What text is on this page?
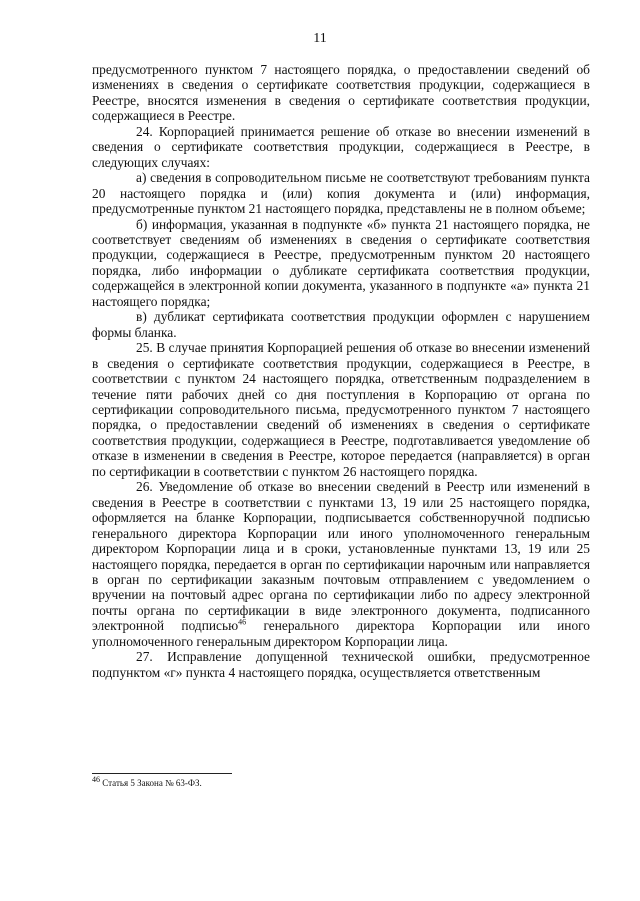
11

предусмотренного пунктом 7 настоящего порядка, о предоставлении сведений об изменениях в сведения о сертификате соответствия продукции, содержащиеся в Реестре, вносятся изменения в сведения о сертификате соответствия продукции, содержащиеся в Реестре.

24. Корпорацией принимается решение об отказе во внесении изменений в сведения о сертификате соответствия продукции, содержащиеся в Реестре, в следующих случаях:

а) сведения в сопроводительном письме не соответствуют требованиям пункта 20 настоящего порядка и (или) копия документа и (или) информация, предусмотренные пунктом 21 настоящего порядка, представлены не в полном объеме;

б) информация, указанная в подпункте «б» пункта 21 настоящего порядка, не соответствует сведениям об изменениях в сведения о сертификате соответствия продукции, содержащиеся в Реестре, предусмотренным пунктом 20 настоящего порядка, либо информации о дубликате сертификата соответствия продукции, содержащейся в электронной копии документа, указанного в подпункте «а» пункта 21 настоящего порядка;

в) дубликат сертификата соответствия продукции оформлен с нарушением формы бланка.

25. В случае принятия Корпорацией решения об отказе во внесении изменений в сведения о сертификате соответствия продукции, содержащиеся в Реестре, в соответствии с пунктом 24 настоящего порядка, ответственным подразделением в течение пяти рабочих дней со дня поступления в Корпорацию от органа по сертификации сопроводительного письма, предусмотренного пунктом 7 настоящего порядка, о предоставлении сведений об изменениях в сведения о сертификате соответствия продукции, содержащиеся в Реестре, подготавливается уведомление об отказе в изменении в сведения в Реестре, которое передается (направляется) в орган по сертификации в соответствии с пунктом 26 настоящего порядка.

26. Уведомление об отказе во внесении сведений в Реестр или изменений в сведения в Реестре в соответствии с пунктами 13, 19 или 25 настоящего порядка, оформляется на бланке Корпорации, подписывается собственноручной подписью генерального директора Корпорации или иного уполномоченного генеральным директором Корпорации лица и в сроки, установленные пунктами 13, 19 или 25 настоящего порядка, передается в орган по сертификации нарочным или направляется в орган по сертификации заказным почтовым отправлением с уведомлением о вручении на почтовый адрес органа по сертификации либо по адресу электронной почты органа по сертификации в виде электронного документа, подписанного электронной подписью$^{46}$ генерального директора Корпорации или иного уполномоченного генеральным директором Корпорации лица.

27. Исправление допущенной технической ошибки, предусмотренное подпунктом «г» пункта 4 настоящего порядка, осуществляется ответственным

$^{46}$ Статья 5 Закона № 63-ФЗ.
